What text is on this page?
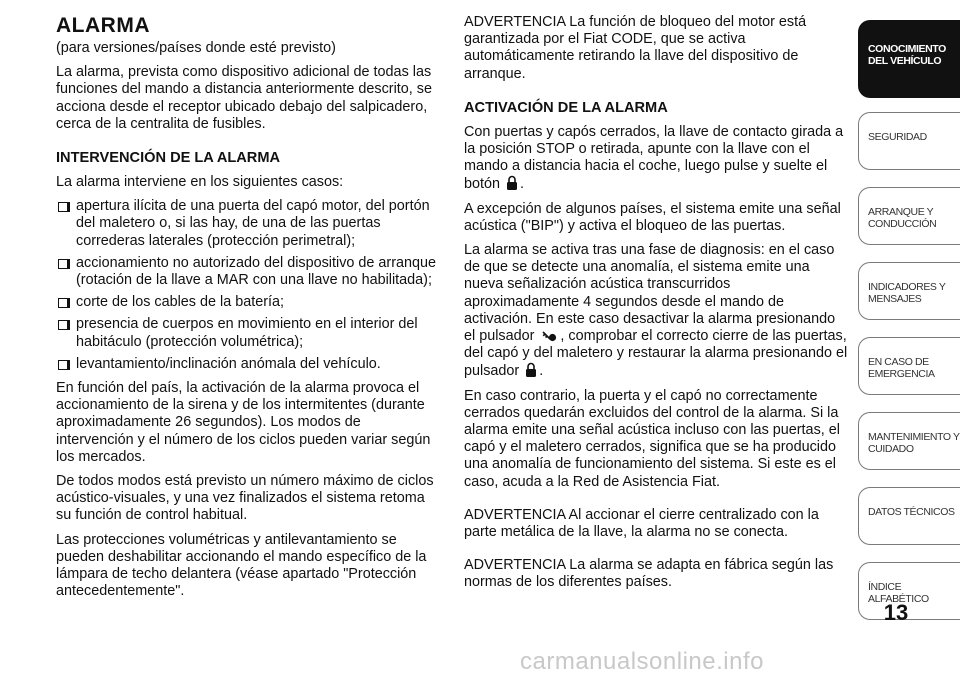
ALARMA

(para versiones/países donde esté previsto)

La alarma, prevista como dispositivo adicional de todas las funciones del mando a distancia anteriormente descrito, se acciona desde el receptor ubicado debajo del salpicadero, cerca de la centralita de fusibles.

INTERVENCIÓN DE LA ALARMA

La alarma interviene en los siguientes casos:

apertura ilícita de una puerta del capó motor, del portón del maletero o, si las hay, de una de las puertas correderas laterales (protección perimetral);
accionamiento no autorizado del dispositivo de arranque (rotación de la llave a MAR con una llave no habilitada);
corte de los cables de la batería;
presencia de cuerpos en movimiento en el interior del habitáculo (protección volumétrica);
levantamiento/inclinación anómala del vehículo.

En función del país, la activación de la alarma provoca el accionamiento de la sirena y de los intermitentes (durante aproximadamente 26 segundos). Los modos de intervención y el número de los ciclos pueden variar según los mercados.

De todos modos está previsto un número máximo de ciclos acústico-visuales, y una vez finalizados el sistema retoma su función de control habitual.

Las protecciones volumétricas y antilevantamiento se pueden deshabilitar accionando el mando específico de la lámpara de techo delantera (véase apartado "Protección antecedentemente".

ADVERTENCIA La función de bloqueo del motor está garantizada por el Fiat CODE, que se activa automáticamente retirando la llave del dispositivo de arranque.

ACTIVACIÓN DE LA ALARMA

Con puertas y capós cerrados, la llave de contacto girada a la posición STOP o retirada, apunte con la llave con el mando a distancia hacia el coche, luego pulse y suelte el botón .

A excepción de algunos países, el sistema emite una señal acústica ("BIP") y activa el bloqueo de las puertas.

La alarma se activa tras una fase de diagnosis: en el caso de que se detecte una anomalía, el sistema emite una nueva señalización acústica transcurridos aproximadamente 4 segundos desde el mando de activación. En este caso desactivar la alarma presionando el pulsador , comprobar el correcto cierre de las puertas, del capó y del maletero y restaurar la alarma presionando el pulsador .

En caso contrario, la puerta y el capó no correctamente cerrados quedarán excluidos del control de la alarma. Si la alarma emite una señal acústica incluso con las puertas, el capó y el maletero cerrados, significa que se ha producido una anomalía de funcionamiento del sistema. Si este es el caso, acuda a la Red de Asistencia Fiat.

ADVERTENCIA Al accionar el cierre centralizado con la parte metálica de la llave, la alarma no se conecta.

ADVERTENCIA La alarma se adapta en fábrica según las normas de los diferentes países.

CONOCIMIENTO
DEL VEHÍCULO
SEGURIDAD
ARRANQUE Y
CONDUCCIÓN
INDICADORES Y
MENSAJES
EN CASO DE
EMERGENCIA
MANTENIMIENTO Y
CUIDADO
DATOS TÉCNICOS
ÍNDICE ALFABÉTICO
13
carmanualsonline.info
